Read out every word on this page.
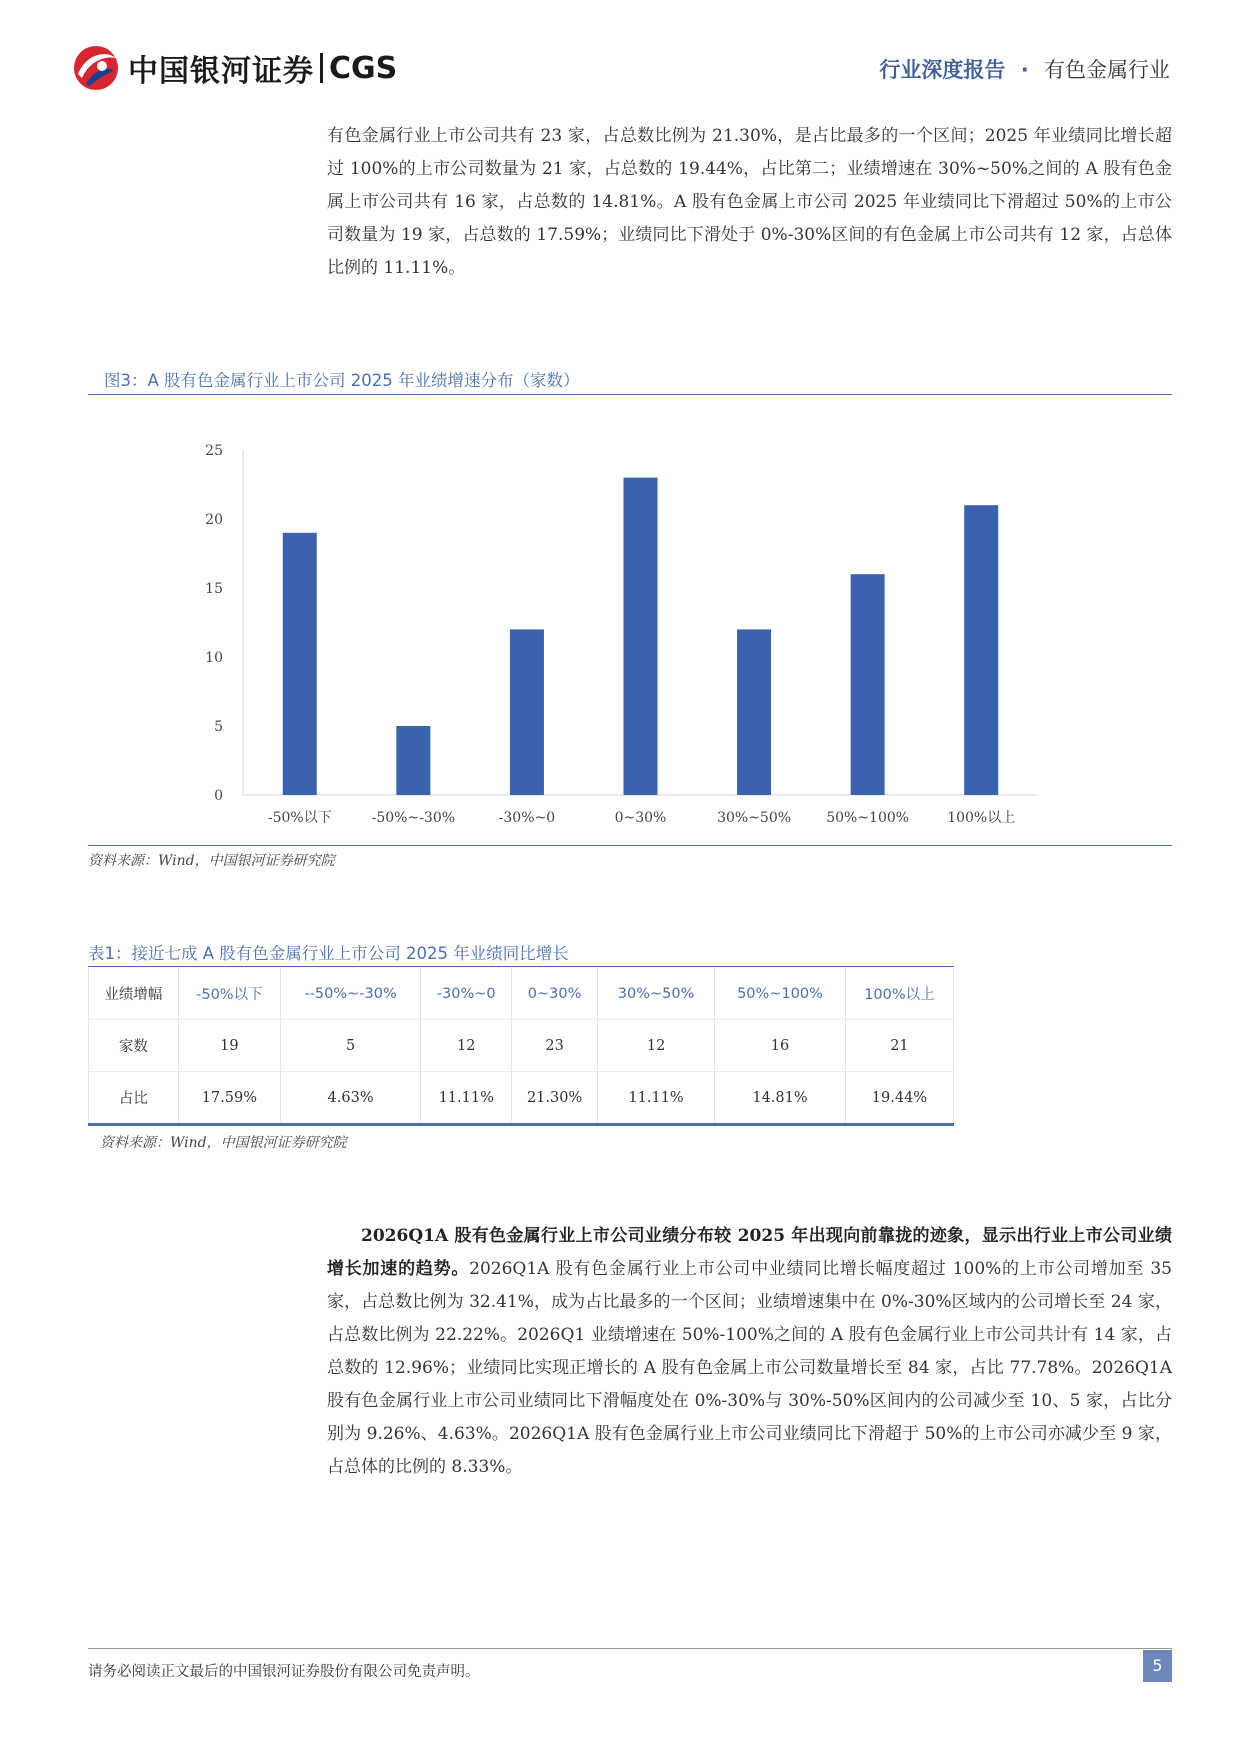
中国银河证券 CGS	行业深度报告 · 有色金属行业
有色金属行业上市公司共有 23 家，占总数比例为 21.30%，是占比最多的一个区间；2025 年业绩同比增长超过 100%的上市公司数量为 21 家，占总数的 19.44%，占比第二；业绩增速在 30%~50%之间的 A 股有色金属上市公司共有 16 家，占总数的 14.81%。A 股有色金属上市公司 2025 年业绩同比下滑超过 50%的上市公司数量为 19 家，占总数的 17.59%；业绩同比下滑处于 0%-30%区间的有色金属上市公司共有 12 家，占总体比例的 11.11%。
图3：A 股有色金属行业上市公司 2025 年业绩增速分布（家数）
0
5
10
15
20
25
-50%以下	-50%~-30%	-30%~0	0~30%	30%~50%	50%~100%	100%以上
资料来源：Wind，中国银河证券研究院
表1：接近七成 A 股有色金属行业上市公司 2025 年业绩同比增长
业绩增幅	-50%以下	--50%~-30%	-30%~0	0~30%	30%~50%	50%~100%	100%以上
家数	19	5	12	23	12	16	21
占比	17.59%	4.63%	11.11%	21.30%	11.11%	14.81%	19.44%
资料来源：Wind，中国银河证券研究院
2026Q1A 股有色金属行业上市公司业绩分布较 2025 年出现向前靠拢的迹象，显示出行业上市公司业绩增长加速的趋势。2026Q1A 股有色金属行业上市公司中业绩同比增长幅度超过 100%的上市公司增加至 35 家，占总数比例为 32.41%，成为占比最多的一个区间；业绩增速集中在 0%-30%区域内的公司增长至 24 家，占总数比例为 22.22%。2026Q1 业绩增速在 50%-100%之间的 A 股有色金属行业上市公司共计有 14 家，占总数的 12.96%；业绩同比实现正增长的 A 股有色金属上市公司数量增长至 84 家，占比 77.78%。2026Q1A 股有色金属行业上市公司业绩同比下滑幅度处在 0%-30%与 30%-50%区间内的公司减少至 10、5 家，占比分别为 9.26%、4.63%。2026Q1A 股有色金属行业上市公司业绩同比下滑超于 50%的上市公司亦减少至 9 家，占总体的比例的 8.33%。
请务必阅读正文最后的中国银河证券股份有限公司免责声明。	5
